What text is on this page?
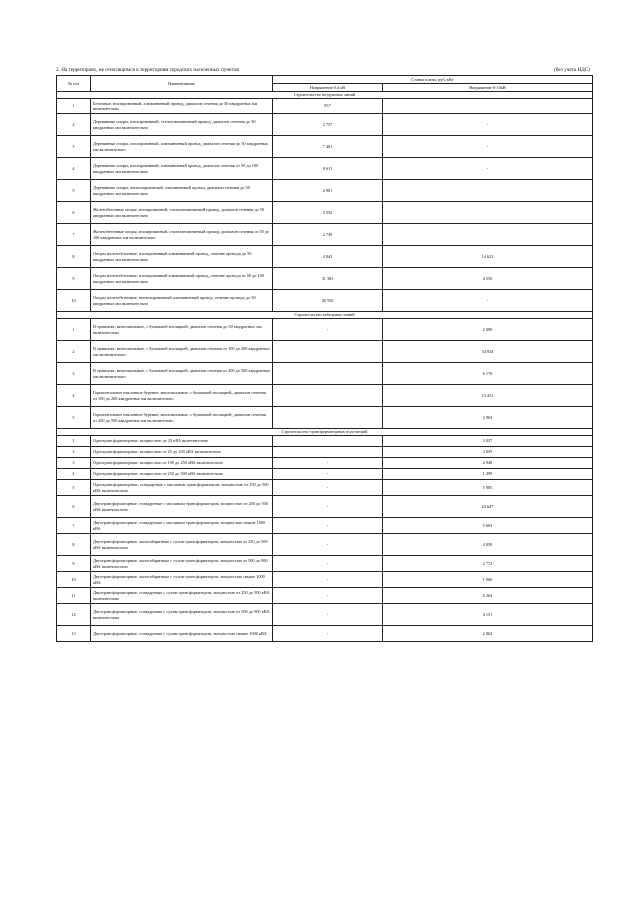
2. На территориях, не относящимся к территориям городских населенных пунктов	(без учета НДС)
№ п/п	Наименование	Ставка платы, руб./кВт	
		Напряжение 0.4 кВ	Напряжение 6-10кВ
Строительство воздушных линий			
1	Бетонные, изолированный, алюминиевый провод, диапазон сечения до 50 квадратных мм включительно	857	
2	Деревянные опоры, изолированный, сталеалюминиевый провод, диапазон сечения до 50 квадратных мм включительно	2 757	-
3	Деревянные опоры, изолированный, алюминиевый провод, диапазон сечения до 50 квадратных мм включительно	7 401	-
4	Деревянные опоры, изолированный, алюминиевый провод, диапазон сечения от 50 до 100 квадратных мм включительно	9 611	-
5	Деревянные опоры, неизолированный, алюминиевый провод, диапазон сечения до 50 квадратных мм включительно	2 901	
6	Железобетонные опоры, изолированный, сталеалюминиевый провод, диапазон сечения до 50 квадратных мм включительно	3 552	
7	Железобетонные опоры, изолированный, сталеалюминиевый провод, диапазон сечения от 50 до 100 квадратных мм включительно	2 749	
8	Опоры железобетонные, изолированный алюминиевый провод, сечение провода до 50 квадратных мм включительно	4 843	14 623
9	Опоры железобетонные, изолированный алюминиевый провод, сечение провода от 50 до 100 квадратных мм включительно	31 383	4 550
10	Опоры железобетонные, неизолированный алюминиевый провод, сечение провода до 50 квадратных мм включительно	40 550	-
Строительство кабельных линий			
1	В траншеях, многожильные, с бумажной изоляцией, диапазон сечения до 50 квадратных мм включительно	-	2 090
2	В траншеях, многожильные, с бумажной изоляцией, диапазон сечения от 100 до 200 квадратных мм включительно		34 834
3	В траншеях, многожильные, с бумажной изоляцией, диапазон сечения от 200 до 500 квадратных мм включительно		6 176
4	Горизонтальное наклонное бурение, многожильные, с бумажной изоляцией, диапазон сечения от 100 до 200 квадратных мм включительно		13 431
5	Горизонтальное наклонное бурение, многожильные, с бумажной изоляцией, диапазон сечения от 200 до 500 квадратных мм включительно		2 963
Строительство трансформаторных подстанций			
1	Однотрансформаторные, мощностью до 25 кВА включительно		3 037
2	Однотрансформаторные, мощностью от 25 до 100 кВА включительно		3 859
3	Однотрансформаторные, мощностью от 100 до 250 кВА включительно	-	2 948
4	Однотрансформаторные, мощностью от 250 до 500 кВА включительно	-	1 499
5	Однотрансформаторные, стандартные с масляным трансформатором, мощностью от 250 до 500 кВА включительно	-	5 985
6	Двухтрансформаторные, стандартные с масляным трансформатором, мощностью от 250 до 500 кВА включительно	-	24 647
7	Двухтрансформаторные, стандартные с масляным трансформатором, мощностью свыше 1000 кВА	-	5 663
8	Двухтрансформаторные, малогабаритные с сухим трансформатором, мощностью от 250 до 500 кВА включительно	-	4 058
9	Двухтрансформаторные, малогабаритные с сухим трансформатором, мощностью от 500 до 900 кВА включительно	-	2 772
10	Двухтрансформаторные, малогабаритные с сухим трансформатором, мощностью свыше 1000 кВА	-	1 966
11	Двухтрансформаторные, стандартные с сухим трансформатором, мощностью от 250 до 500 кВА включительно	-	6 264
12	Двухтрансформаторные, стандартные с сухим трансформатором, мощностью от 500 до 900 кВА включительно	-	4 151
13	Двухтрансформаторные, стандартные с сухим трансформатором, мощностью свыше 1000 кВА	-	2 862
